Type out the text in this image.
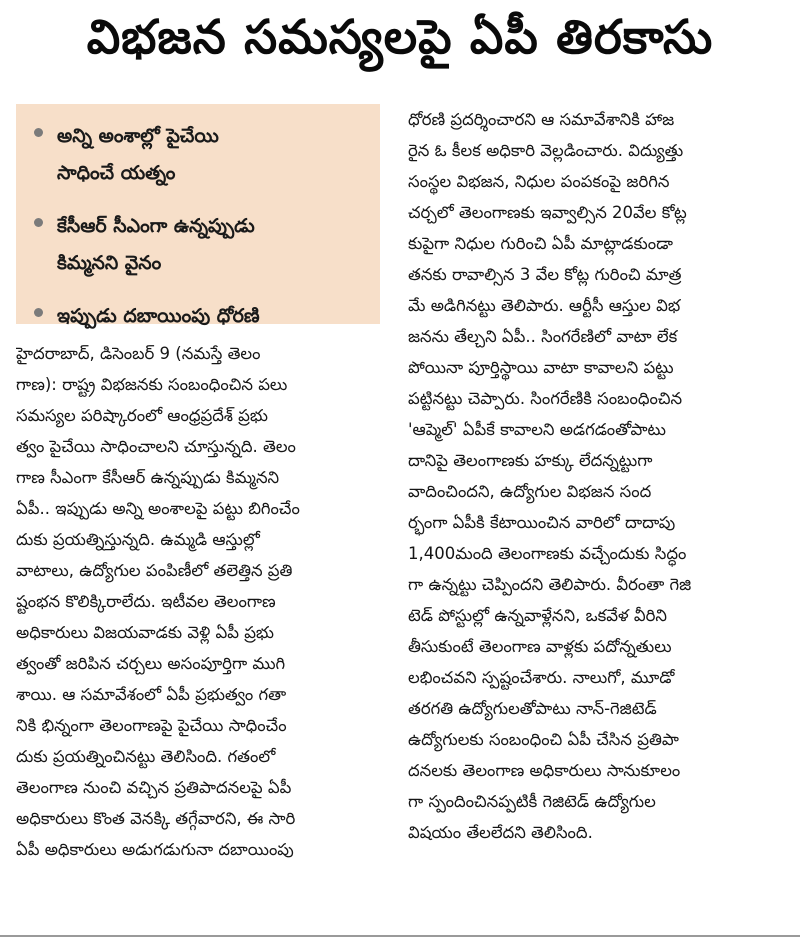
విభజన సమస్యలపై ఏపీ తిరకాసు
అన్ని అంశాల్లో పైచేయి
సాధించే యత్నం
కేసీఆర్ సీఎంగా ఉన్నప్పుడు
కిమ్మనని వైనం
ఇప్పుడు దబాయింపు ధోరణి
హైదరాబాద్, డిసెంబర్ 9 (నమస్తే తెలం
గాణ): రాష్ట్ర విభజనకు సంబంధించిన పలు
సమస్యల పరిష్కారంలో ఆంధ్రప్రదేశ్ ప్రభు
త్వం పైచేయి సాధించాలని చూస్తున్నది. తెలం
గాణ సీఎంగా కేసీఆర్ ఉన్నప్పుడు కిమ్మనని
ఏపీ.. ఇప్పుడు అన్ని అంశాలపై పట్టు బిగించేం
దుకు ప్రయత్నిస్తున్నది. ఉమ్మడి ఆస్తుల్లో
వాటాలు, ఉద్యోగుల పంపిణీలో తలెత్తిన ప్రతి
ష్టంభన కొలిక్కిరాలేదు. ఇటీవల తెలంగాణ
అధికారులు విజయవాడకు వెళ్లి ఏపీ ప్రభు
త్వంతో జరిపిన చర్చలు అసంపూర్తిగా ముగి
శాయి. ఆ సమావేశంలో ఏపీ ప్రభుత్వం గతా
నికి భిన్నంగా తెలంగాణపై పైచేయి సాధించేం
దుకు ప్రయత్నించినట్టు తెలిసింది. గతంలో
తెలంగాణ నుంచి వచ్చిన ప్రతిపాదనలపై ఏపీ
అధికారులు కొంత వెనక్కి తగ్గేవారని, ఈ సారి
ఏపీ అధికారులు అడుగడుగునా దబాయింపు
ధోరణి ప్రదర్శించారని ఆ సమావేశానికి హాజ
రైన ఓ కీలక అధికారి వెల్లడించారు. విద్యుత్తు
సంస్థల విభజన, నిధుల పంపకంపై జరిగిన
చర్చలో తెలంగాణకు ఇవ్వాల్సిన 20వేల కోట్ల
కుపైగా నిధుల గురించి ఏపీ మాట్లాడకుండా
తనకు రావాల్సిన 3 వేల కోట్ల గురించి మాత్ర
మే అడిగినట్టు తెలిపారు. ఆర్టీసీ ఆస్తుల విభ
జనను తేల్చని ఏపీ.. సింగరేణిలో వాటా లేక
పోయినా పూర్తిస్థాయి వాటా కావాలని పట్టు
పట్టినట్టు చెప్పారు. సింగరేణికి సంబంధించిన
'ఆప్మెల్' ఏపీకే కావాలని అడగడంతోపాటు
దానిపై తెలంగాణకు హక్కు లేదన్నట్టుగా
వాదించిందని, ఉద్యోగుల విభజన సంద
ర్భంగా ఏపీకి కేటాయించిన వారిలో దాదాపు
1,400మంది తెలంగాణకు వచ్చేందుకు సిద్ధం
గా ఉన్నట్టు చెప్పిందని తెలిపారు. వీరంతా గెజి
టెడ్ పోస్టుల్లో ఉన్నవాళ్లేనని, ఒకవేళ వీరిని
తీసుకుంటే తెలంగాణ వాళ్లకు పదోన్నతులు
లభించవని స్పష్టంచేశారు. నాలుగో, మూడో
తరగతి ఉద్యోగులతోపాటు నాన్-గెజిటెడ్
ఉద్యోగులకు సంబంధించి ఏపీ చేసిన ప్రతిపా
దనలకు తెలంగాణ అధికారులు సానుకూలం
గా స్పందించినప్పటికీ గెజిటెడ్ ఉద్యోగుల
విషయం తేలలేదని తెలిసింది.
